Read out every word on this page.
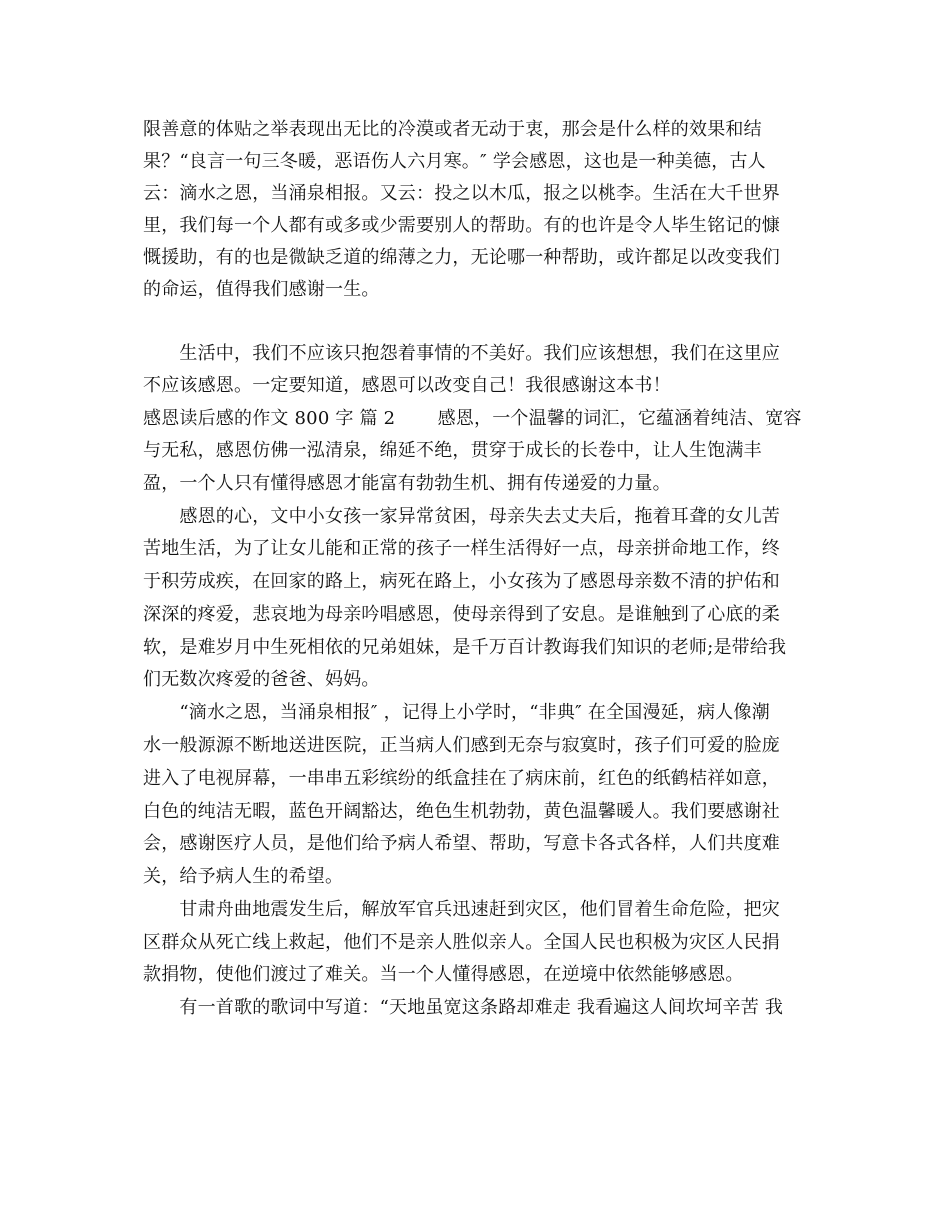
限善意的体贴之举表现出无比的冷漠或者无动于衷，那会是什么样的效果和结
果？“良言一句三冬暖，恶语伤人六月寒。″ 学会感恩，这也是一种美德，古人
云：滴水之恩，当涌泉相报。又云：投之以木瓜，报之以桃李。生活在大千世界
里，我们每一个人都有或多或少需要别人的帮助。有的也许是令人毕生铭记的慷
慨援助，有的也是微缺乏道的绵薄之力，无论哪一种帮助，或许都足以改变我们
的命运，值得我们感谢一生。
　　生活中，我们不应该只抱怨着事情的不美好。我们应该想想，我们在这里应
不应该感恩。一定要知道，感恩可以改变自己！我很感谢这本书！
感恩读后感的作文 800 字 篇 2　　 感恩，一个温馨的词汇，它蕴涵着纯洁、宽容
与无私，感恩仿佛一泓清泉，绵延不绝，贯穿于成长的长卷中，让人生饱满丰
盈，一个人只有懂得感恩才能富有勃勃生机、拥有传递爱的力量。
　　感恩的心，文中小女孩一家异常贫困，母亲失去丈夫后，拖着耳聋的女儿苦
苦地生活，为了让女儿能和正常的孩子一样生活得好一点，母亲拼命地工作，终
于积劳成疾，在回家的路上，病死在路上，小女孩为了感恩母亲数不清的护佑和
深深的疼爱，悲哀地为母亲吟唱感恩，使母亲得到了安息。是谁触到了心底的柔
软，是难岁月中生死相依的兄弟姐妹，是千万百计教诲我们知识的老师;是带给我
们无数次疼爱的爸爸、妈妈。
　　“滴水之恩，当涌泉相报″ ，记得上小学时，“非典″ 在全国漫延，病人像潮
水一般源源不断地送进医院，正当病人们感到无奈与寂寞时，孩子们可爱的脸庞
进入了电视屏幕，一串串五彩缤纷的纸盒挂在了病床前，红色的纸鹤桔祥如意，
白色的纯洁无暇，蓝色开阔豁达，绝色生机勃勃，黄色温馨暖人。我们要感谢社
会，感谢医疗人员，是他们给予病人希望、帮助，写意卡各式各样，人们共度难
关，给予病人生的希望。
　　甘肃舟曲地震发生后，解放军官兵迅速赶到灾区，他们冒着生命危险，把灾
区群众从死亡线上救起，他们不是亲人胜似亲人。全国人民也积极为灾区人民捐
款捐物，使他们渡过了难关。当一个人懂得感恩，在逆境中依然能够感恩。
　　有一首歌的歌词中写道：“天地虽宽这条路却难走 我看遍这人间坎坷辛苦 我
